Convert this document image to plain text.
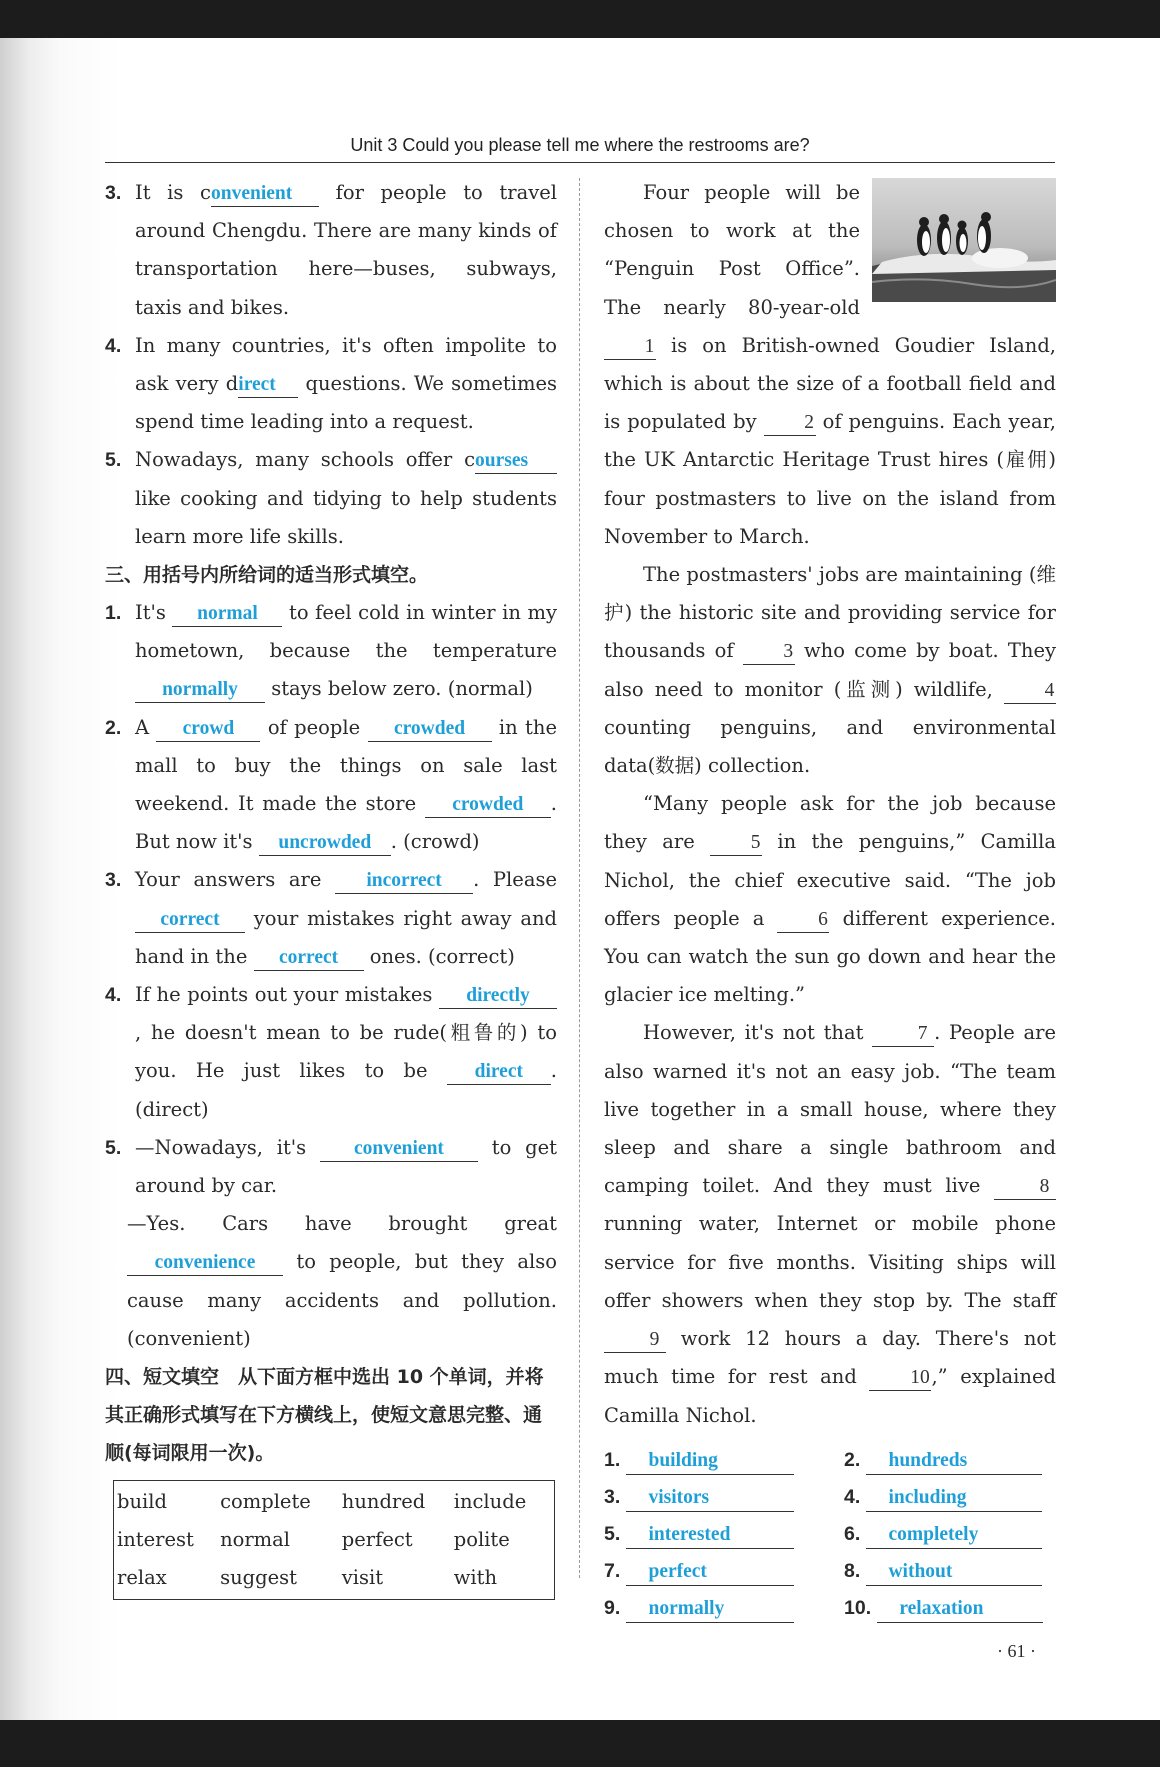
Unit 3 Could you please tell me where the restrooms are?
3. It is convenient for people to travel around Chengdu. There are many kinds of transportation here—buses, subways, taxis and bikes.
4. In many countries, it's often impolite to ask very direct questions. We sometimes spend time leading into a request.
5. Nowadays, many schools offer courses like cooking and tidying to help students learn more life skills.
三、用括号内所给词的适当形式填空。
1. It's normal to feel cold in winter in my hometown, because the temperature normally stays below zero. (normal)
2. A crowd of people crowded in the mall to buy the things on sale last weekend. It made the store crowded . But now it's uncrowded . (crowd)
3. Your answers are incorrect . Please correct your mistakes right away and hand in the correct ones. (correct)
4. If he points out your mistakes directly, he doesn't mean to be rude(粗鲁的) to you. He just likes to be direct . (direct)
5. —Nowadays, it's convenient to get around by car.
—Yes. Cars have brought great convenience to people, but they also cause many accidents and pollution. (convenient)
四、短文填空　从下面方框中选出 10 个单词，并将其正确形式填写在下方横线上，使短文意思完整、通顺(每词限用一次)。
build	complete	hundred	include
interest	normal	perfect	polite
relax	suggest	visit	with

Four people will be chosen to work at the “Penguin Post Office”. The nearly 80-year-old 1 is on British-owned Goudier Island, which is about the size of a football field and is populated by 2 of penguins. Each year, the UK Antarctic Heritage Trust hires (雇佣) four postmasters to live on the island from November to March.

The postmasters' jobs are maintaining (维护) the historic site and providing service for thousands of 3 who come by boat. They also need to monitor (监测) wildlife, 4 counting penguins, and environmental data(数据) collection.

“Many people ask for the job because they are 5 in the penguins,” Camilla Nichol, the chief executive said. “The job offers people a 6 different experience. You can watch the sun go down and hear the glacier ice melting.”

However, it's not that 7 . People are also warned it's not an easy job. “The team live together in a small house, where they sleep and share a single bathroom and camping toilet. And they must live 8 running water, Internet or mobile phone service for five months. Visiting ships will offer showers when they stop by. The staff 9 work 12 hours a day. There's not much time for rest and 10,” explained Camilla Nichol.

1. building	2. hundreds
3. visitors	4. including
5. interested	6. completely
7. perfect	8. without
9. normally	10. relaxation
· 61 ·
